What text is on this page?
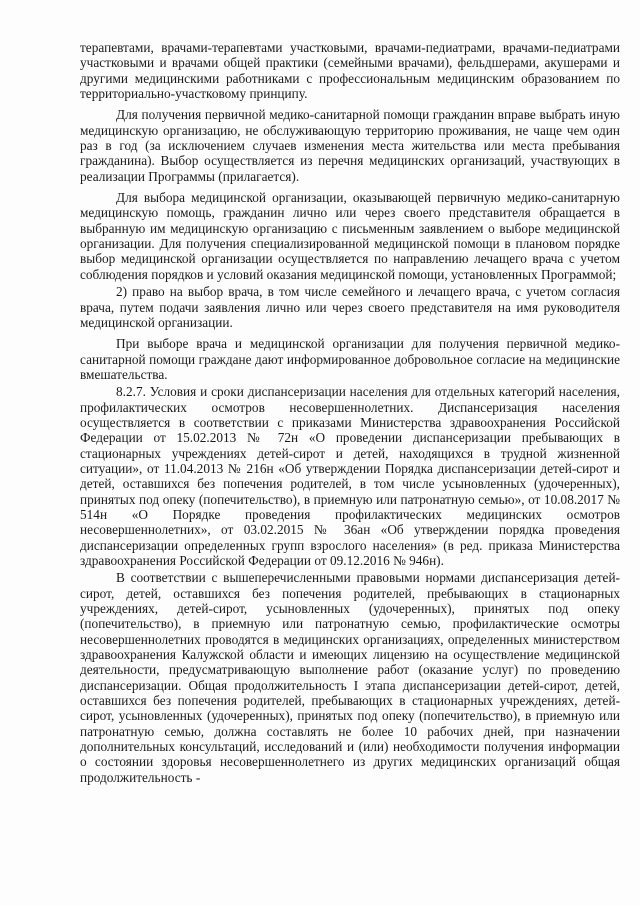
терапевтами, врачами-терапевтами участковыми, врачами-педиатрами, врачами-педиатрами участковыми и врачами общей практики (семейными врачами), фельдшерами, акушерами и другими медицинскими работниками с профессиональным медицинским образованием по территориально-участковому принципу.

Для получения первичной медико-санитарной помощи гражданин вправе выбрать иную медицинскую организацию, не обслуживающую территорию проживания, не чаще чем один раз в год (за исключением случаев изменения места жительства или места пребывания гражданина). Выбор осуществляется из перечня медицинских организаций, участвующих в реализации Программы (прилагается).

Для выбора медицинской организации, оказывающей первичную медико-санитарную медицинскую помощь, гражданин лично или через своего представителя обращается в выбранную им медицинскую организацию с письменным заявлением о выборе медицинской организации. Для получения специализированной медицинской помощи в плановом порядке выбор медицинской организации осуществляется по направлению лечащего врача с учетом соблюдения порядков и условий оказания медицинской помощи, установленных Программой;

2) право на выбор врача, в том числе семейного и лечащего врача, с учетом согласия врача, путем подачи заявления лично или через своего представителя на имя руководителя медицинской организации.

При выборе врача и медицинской организации для получения первичной медико-санитарной помощи граждане дают информированное добровольное согласие на медицинские вмешательства.

8.2.7. Условия и сроки диспансеризации населения для отдельных категорий населения, профилактических осмотров несовершеннолетних. Диспансеризация населения осуществляется в соответствии с приказами Министерства здравоохранения Российской Федерации от 15.02.2013 № 72н «О проведении диспансеризации пребывающих в стационарных учреждениях детей-сирот и детей, находящихся в трудной жизненной ситуации», от 11.04.2013 № 216н «Об утверждении Порядка диспансеризации детей-сирот и детей, оставшихся без попечения родителей, в том числе усыновленных (удочеренных), принятых под опеку (попечительство), в приемную или патронатную семью», от 10.08.2017 № 514н «О Порядке проведения профилактических медицинских осмотров несовершеннолетних», от 03.02.2015 № 36ан «Об утверждении порядка проведения диспансеризации определенных групп взрослого населения» (в ред. приказа Министерства здравоохранения Российской Федерации от 09.12.2016 № 946н).

В соответствии с вышеперечисленными правовыми нормами диспансеризация детей-сирот, детей, оставшихся без попечения родителей, пребывающих в стационарных учреждениях, детей-сирот, усыновленных (удочеренных), принятых под опеку (попечительство), в приемную или патронатную семью, профилактические осмотры несовершеннолетних проводятся в медицинских организациях, определенных министерством здравоохранения Калужской области и имеющих лицензию на осуществление медицинской деятельности, предусматривающую выполнение работ (оказание услуг) по проведению диспансеризации. Общая продолжительность I этапа диспансеризации детей-сирот, детей, оставшихся без попечения родителей, пребывающих в стационарных учреждениях, детей-сирот, усыновленных (удочеренных), принятых под опеку (попечительство), в приемную или патронатную семью, должна составлять не более 10 рабочих дней, при назначении дополнительных консультаций, исследований и (или) необходимости получения информации о состоянии здоровья несовершеннолетнего из других медицинских организаций общая продолжительность -
